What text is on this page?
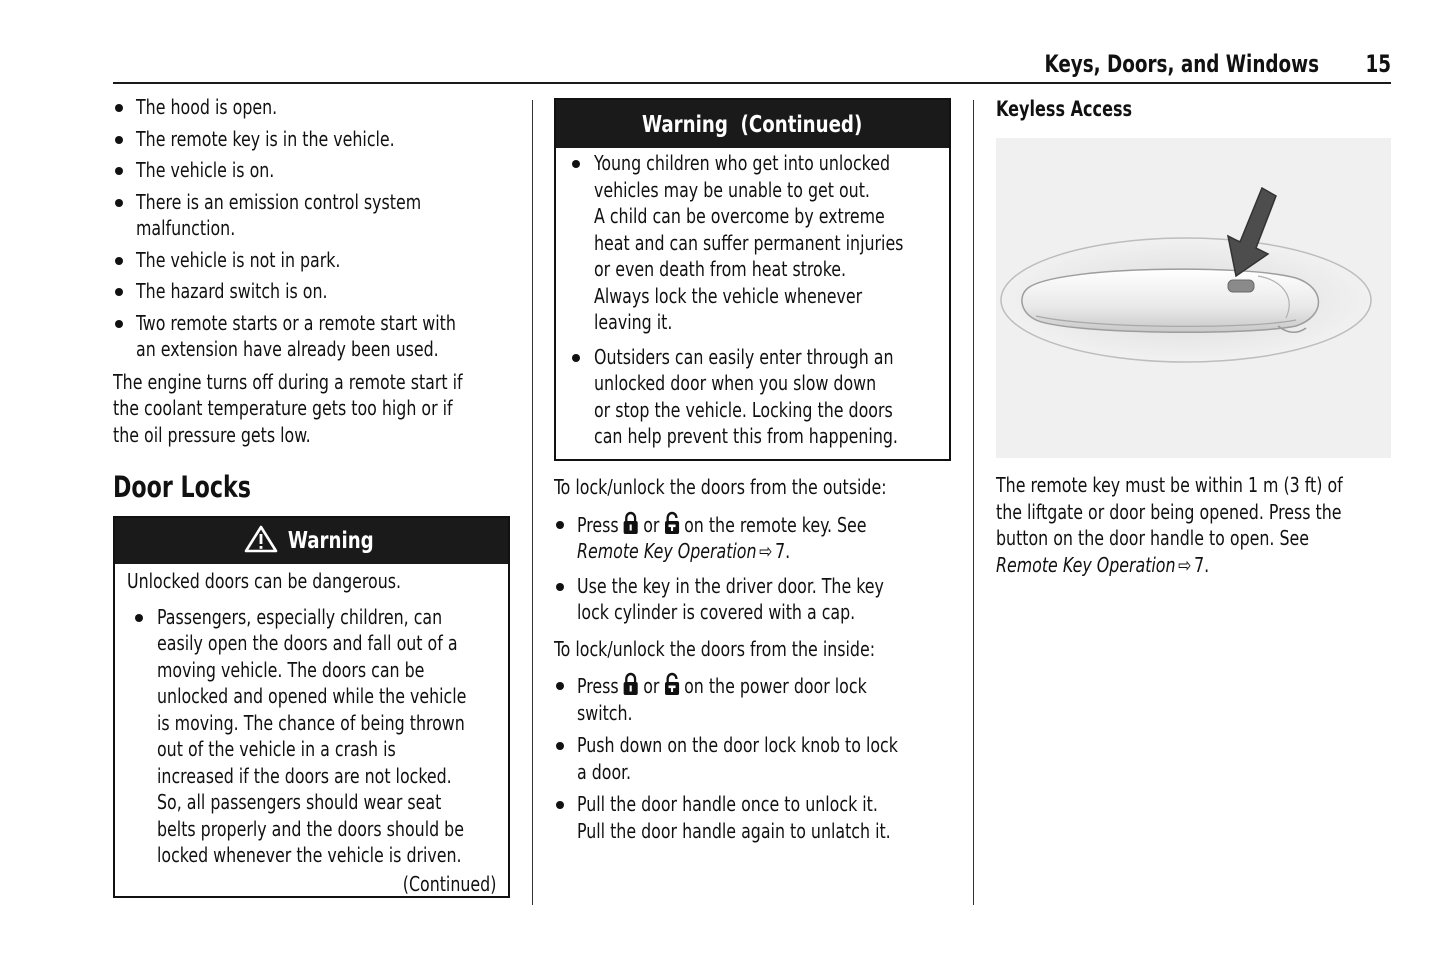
Keys, Doors, and Windows 15
The hood is open.
The remote key is in the vehicle.
The vehicle is on.
There is an emission control system
malfunction.
The vehicle is not in park.
The hazard switch is on.
Two remote starts or a remote start with
an extension have already been used.
The engine turns off during a remote start if
the coolant temperature gets too high or if
the oil pressure gets low.
Door Locks
Warning
Unlocked doors can be dangerous.
Passengers, especially children, can
easily open the doors and fall out of a
moving vehicle. The doors can be
unlocked and opened while the vehicle
is moving. The chance of being thrown
out of the vehicle in a crash is
increased if the doors are not locked.
So, all passengers should wear seat
belts properly and the doors should be
locked whenever the vehicle is driven.
(Continued)
Warning  (Continued)
Young children who get into unlocked
vehicles may be unable to get out.
A child can be overcome by extreme
heat and can suffer permanent injuries
or even death from heat stroke.
Always lock the vehicle whenever
leaving it.
Outsiders can easily enter through an
unlocked door when you slow down
or stop the vehicle. Locking the doors
can help prevent this from happening.
To lock/unlock the doors from the outside:
Press or on the remote key. See
Remote Key Operation ⇨ 7.
Use the key in the driver door. The key
lock cylinder is covered with a cap.
To lock/unlock the doors from the inside:
Press or on the power door lock
switch.
Push down on the door lock knob to lock
a door.
Pull the door handle once to unlock it.
Pull the door handle again to unlatch it.
Keyless Access
The remote key must be within 1 m (3 ft) of
the liftgate or door being opened. Press the
button on the door handle to open. See
Remote Key Operation ⇨ 7.
